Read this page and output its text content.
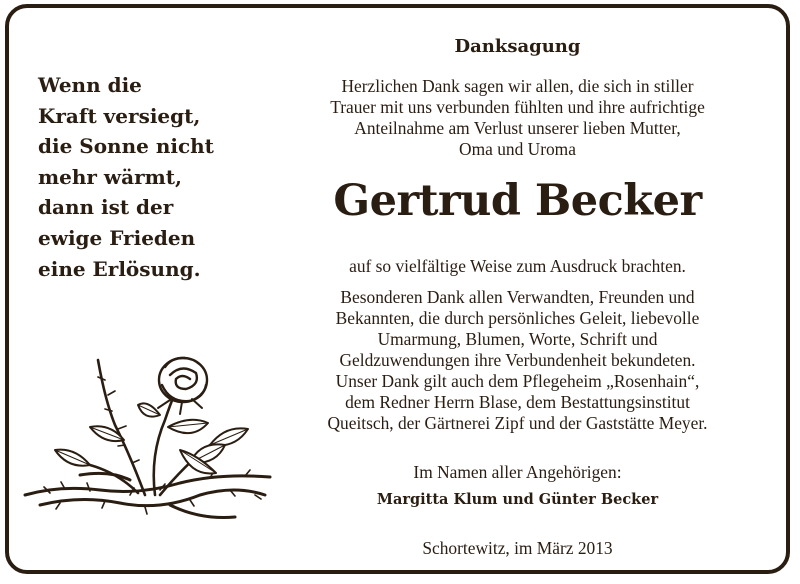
Wenn die
Kraft versiegt,
die Sonne nicht
mehr wärmt,
dann ist der
ewige Frieden
eine Erlösung.
Danksagung
Herzlichen Dank sagen wir allen, die sich in stiller
Trauer mit uns verbunden fühlten und ihre aufrichtige
Anteilnahme am Verlust unserer lieben Mutter,
Oma und Uroma
Gertrud Becker
auf so vielfältige Weise zum Ausdruck brachten.
Besonderen Dank allen Verwandten, Freunden und
Bekannten, die durch persönliches Geleit, liebevolle
Umarmung, Blumen, Worte, Schrift und
Geldzuwendungen ihre Verbundenheit bekundeten.
Unser Dank gilt auch dem Pflegeheim „Rosenhain“,
dem Redner Herrn Blase, dem Bestattungsinstitut
Queitsch, der Gärtnerei Zipf und der Gaststätte Meyer.
Im Namen aller Angehörigen:
Margitta Klum und Günter Becker
Schortewitz, im März 2013
